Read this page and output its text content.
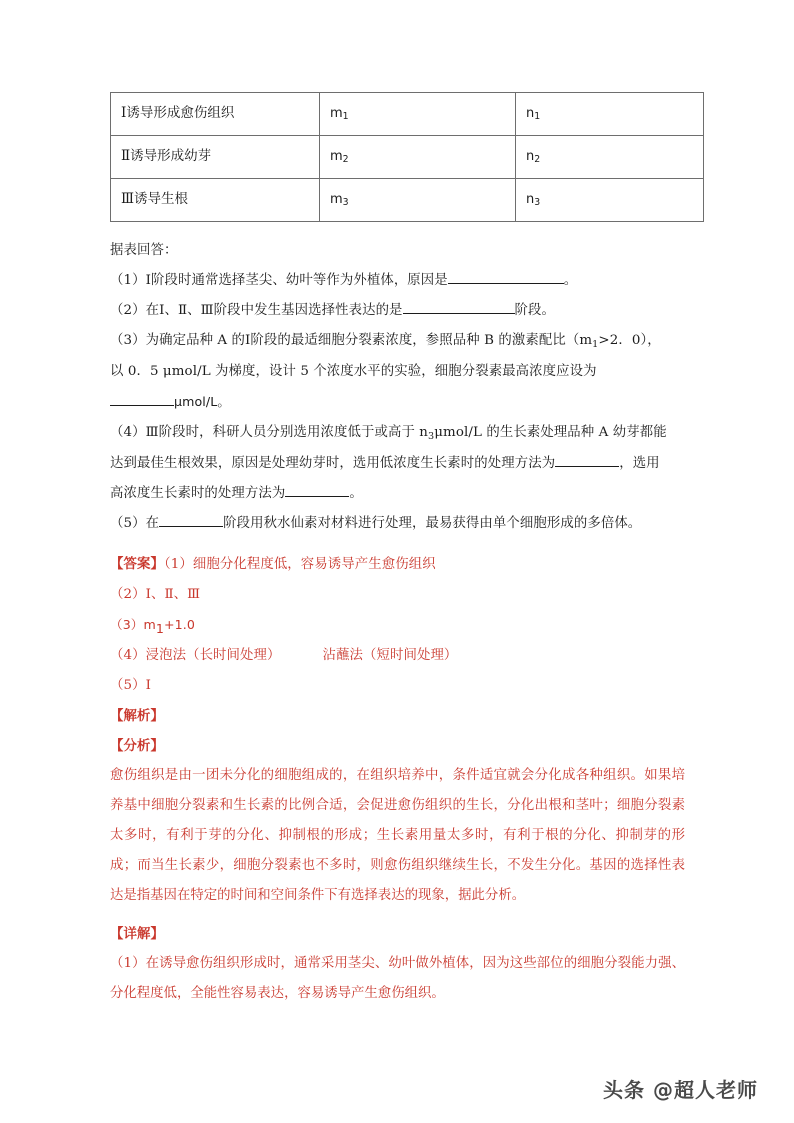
Ⅰ诱导形成愈伤组织	$m_1$	$n_1$
Ⅱ诱导形成幼芽	$m_2$	$n_2$
Ⅲ诱导生根	$m_3$	$n_3$
据表回答：
（1）Ⅰ阶段时通常选择茎尖、幼叶等作为外植体，原因是	。
（2）在Ⅰ、Ⅱ、Ⅲ阶段中发生基因选择性表达的是	阶段。
（3）为确定品种 A 的Ⅰ阶段的最适细胞分裂素浓度，参照品种 B 的激素配比（$m_1>2$．0），
以 0．5 μmol/L 为梯度，设计 5 个浓度水平的实验，细胞分裂素最高浓度应设为
μmol/L。
（4）Ⅲ阶段时，科研人员分别选用浓度低于或高于 $n_3\mu mol/L$ 的生长素处理品种 A 幼芽都能
达到最佳生根效果，原因是处理幼芽时，选用低浓度生长素时的处理方法为	，选用
高浓度生长素时的处理方法为	。
（5）在	阶段用秋水仙素对材料进行处理，最易获得由单个细胞形成的多倍体。
【答案】（1）细胞分化程度低，容易诱导产生愈伤组织
（2）Ⅰ、Ⅱ、Ⅲ
$(3)m_1+1.0$
（4）浸泡法（长时间处理）	沾蘸法（短时间处理）
（5）Ⅰ
【解析】
【分析】
愈伤组织是由一团未分化的细胞组成的，在组织培养中，条件适宜就会分化成各种组织。如果培养基中细胞分裂素和生长素的比例合适，会促进愈伤组织的生长，分化出根和茎叶；细胞分裂素太多时，有利于芽的分化、抑制根的形成；生长素用量太多时，有利于根的分化、抑制芽的形成；而当生长素少，细胞分裂素也不多时，则愈伤组织继续生长，不发生分化。基因的选择性表达是指基因在特定的时间和空间条件下有选择表达的现象，据此分析。
【详解】
（1）在诱导愈伤组织形成时，通常采用茎尖、幼叶做外植体，因为这些部位的细胞分裂能力强、分化程度低，全能性容易表达，容易诱导产生愈伤组织。
头条 @超人老师
